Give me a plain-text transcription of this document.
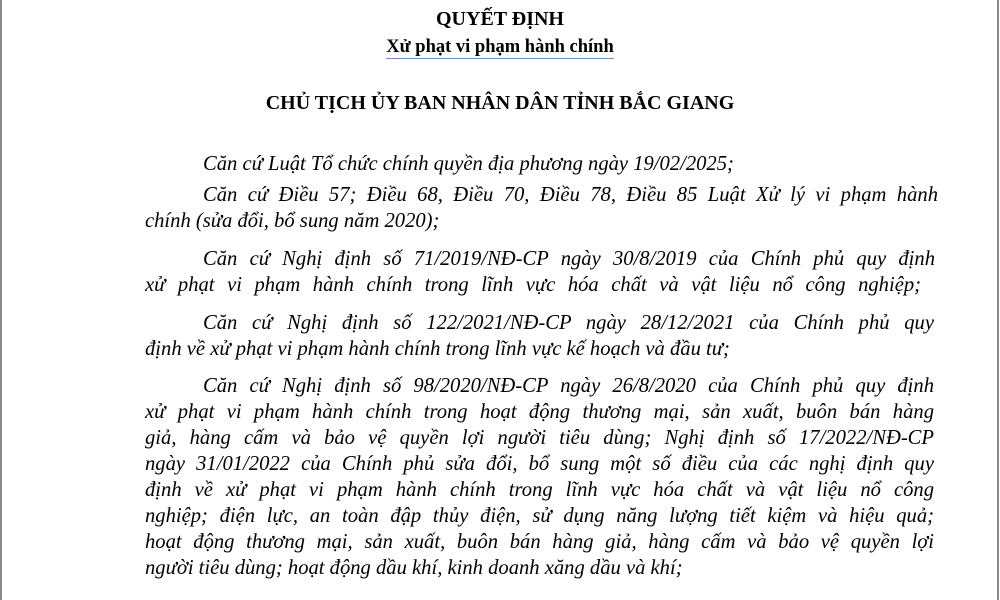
QUYẾT ĐỊNH
Xử phạt vi phạm hành chính
CHỦ TỊCH ỦY BAN NHÂN DÂN TỈNH BẮC GIANG
Căn cứ Luật Tổ chức chính quyền địa phương ngày 19/02/2025;
Căn cứ Điều 57; Điều 68, Điều 70, Điều 78, Điều 85 Luật Xử lý vi phạm hành
chính (sửa đổi, bổ sung năm 2020);
Căn cứ Nghị định số 71/2019/NĐ-CP ngày 30/8/2019 của Chính phủ quy định
xử phạt vi phạm hành chính trong lĩnh vực hóa chất và vật liệu nổ công nghiệp;
Căn cứ Nghị định số 122/2021/NĐ-CP ngày 28/12/2021 của Chính phủ quy
định về xử phạt vi phạm hành chính trong lĩnh vực kế hoạch và đầu tư;
Căn cứ Nghị định số 98/2020/NĐ-CP ngày 26/8/2020 của Chính phủ quy định
xử phạt vi phạm hành chính trong hoạt động thương mại, sản xuất, buôn bán hàng
giả, hàng cấm và bảo vệ quyền lợi người tiêu dùng; Nghị định số 17/2022/NĐ-CP
ngày 31/01/2022 của Chính phủ sửa đổi, bổ sung một số điều của các nghị định quy
định về xử phạt vi phạm hành chính trong lĩnh vực hóa chất và vật liệu nổ công
nghiệp; điện lực, an toàn đập thủy điện, sử dụng năng lượng tiết kiệm và hiệu quả;
hoạt động thương mại, sản xuất, buôn bán hàng giả, hàng cấm và bảo vệ quyền lợi
người tiêu dùng; hoạt động dầu khí, kinh doanh xăng dầu và khí;
